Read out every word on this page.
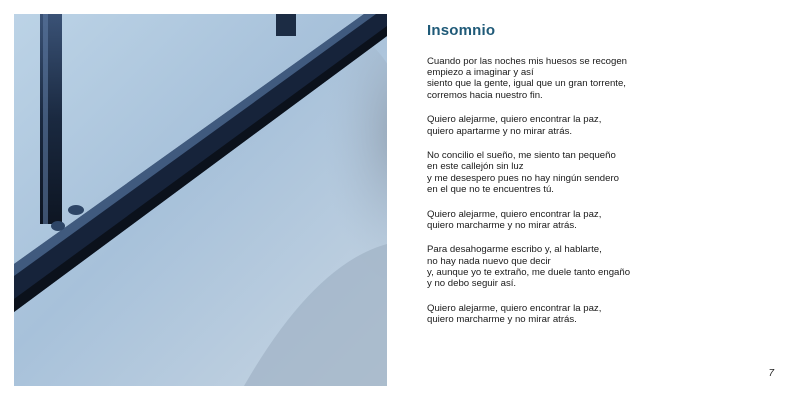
Insomnio
Cuando por las noches mis huesos se recogen
empiezo a imaginar y así
siento que la gente, igual que un gran torrente,
corremos hacia nuestro fin.
Quiero alejarme, quiero encontrar la paz,
quiero apartarme y no mirar atrás.
No concilio el sueño, me siento tan pequeño
en este callejón sin luz
y me desespero pues no hay ningún sendero
en el que no te encuentres tú.
Quiero alejarme, quiero encontrar la paz,
quiero marcharme y no mirar atrás.
Para desahogarme escribo y, al hablarte,
no hay nada nuevo que decir
y, aunque yo te extraño, me duele tanto engaño
y no debo seguir así.
Quiero alejarme, quiero encontrar la paz,
quiero marcharme y no mirar atrás.
7
